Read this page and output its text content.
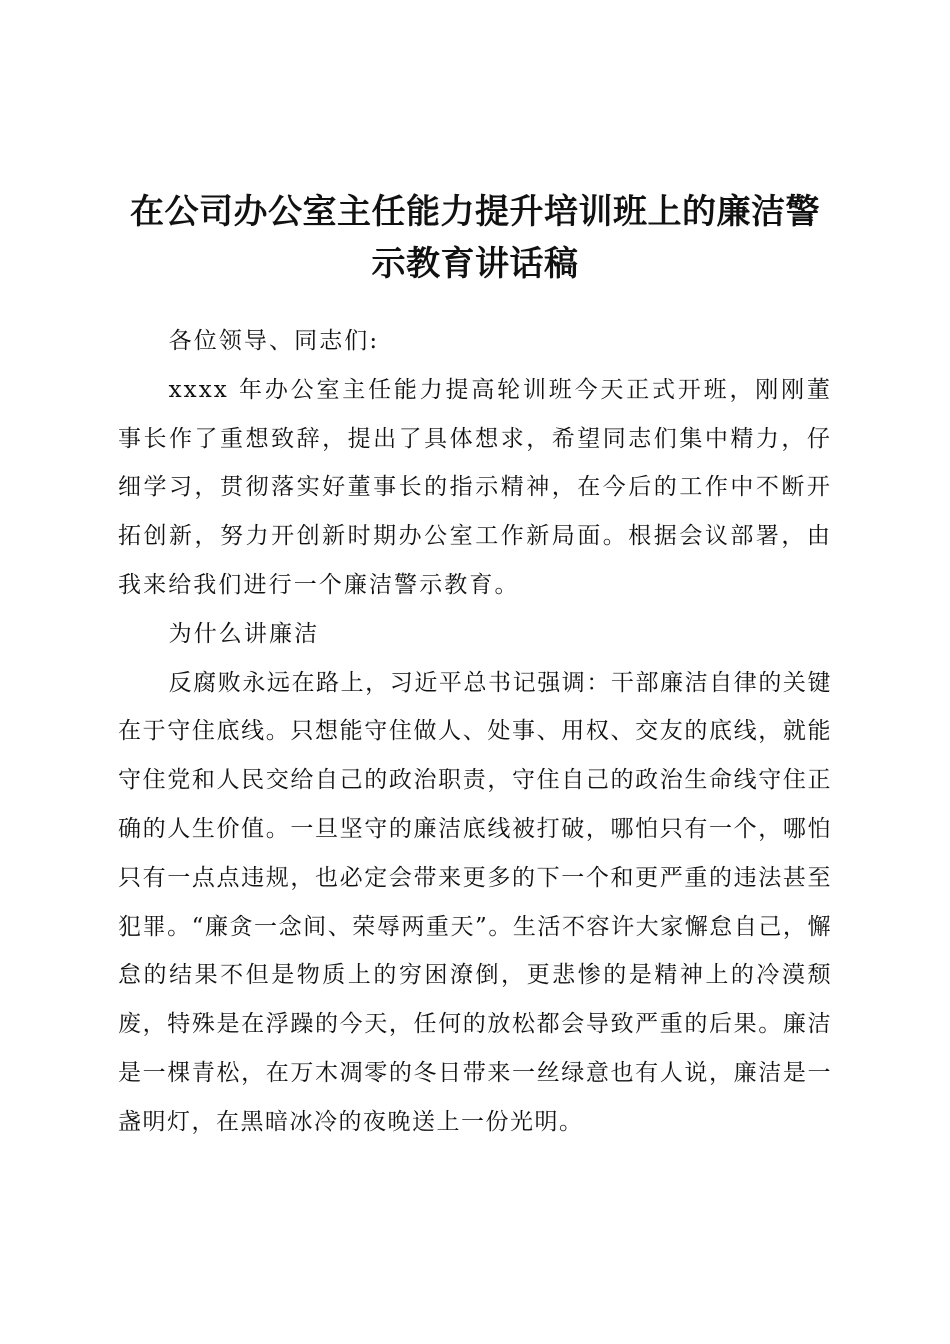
在公司办公室主任能力提升培训班上的廉洁警
示教育讲话稿

各位领导、同志们:

xxxx 年办公室主任能力提高轮训班今天正式开班，刚刚董事长作了重想致辞，提出了具体想求，希望同志们集中精力，仔细学习，贯彻落实好董事长的指示精神，在今后的工作中不断开拓创新，努力开创新时期办公室工作新局面。根据会议部署，由我来给我们进行一个廉洁警示教育。

为什么讲廉洁

反腐败永远在路上，习近平总书记强调：干部廉洁自律的关键在于守住底线。只想能守住做人、处事、用权、交友的底线，就能守住党和人民交给自己的政治职责，守住自己的政治生命线守住正确的人生价值。一旦坚守的廉洁底线被打破，哪怕只有一个，哪怕只有一点点违规，也必定会带来更多的下一个和更严重的违法甚至犯罪。“廉贪一念间、荣辱两重天”。生活不容许大家懈怠自己，懈怠的结果不但是物质上的穷困潦倒，更悲惨的是精神上的冷漠颓废，特殊是在浮躁的今天，任何的放松都会导致严重的后果。廉洁是一棵青松，在万木凋零的冬日带来一丝绿意也有人说，廉洁是一盏明灯，在黑暗冰冷的夜晚送上一份光明。
